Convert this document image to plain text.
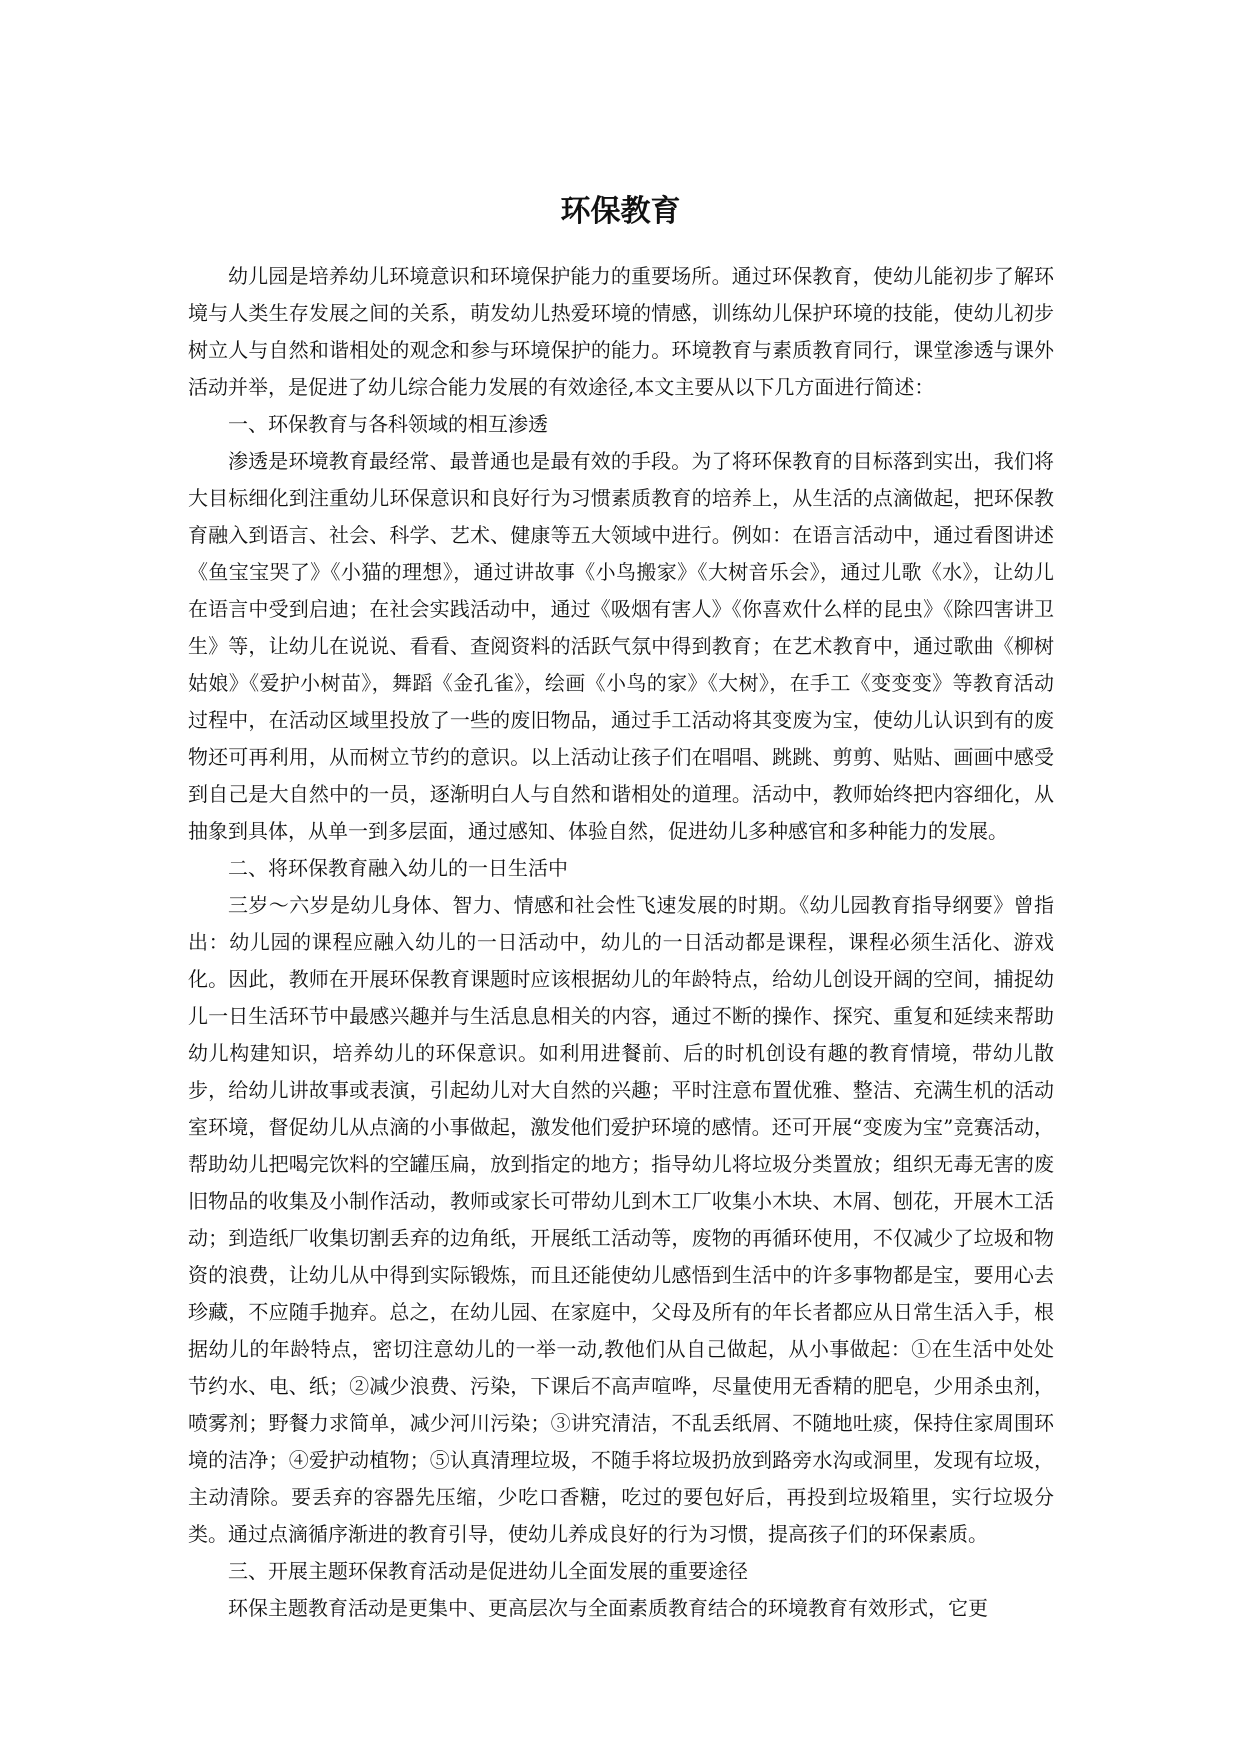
环保教育

幼儿园是培养幼儿环境意识和环境保护能力的重要场所。通过环保教育，使幼儿能初步了解环境与人类生存发展之间的关系，萌发幼儿热爱环境的情感，训练幼儿保护环境的技能，使幼儿初步树立人与自然和谐相处的观念和参与环境保护的能力。环境教育与素质教育同行，课堂渗透与课外活动并举，是促进了幼儿综合能力发展的有效途径,本文主要从以下几方面进行简述：

一、环保教育与各科领域的相互渗透

渗透是环境教育最经常、最普通也是最有效的手段。为了将环保教育的目标落到实出，我们将大目标细化到注重幼儿环保意识和良好行为习惯素质教育的培养上，从生活的点滴做起，把环保教育融入到语言、社会、科学、艺术、健康等五大领域中进行。例如：在语言活动中，通过看图讲述《鱼宝宝哭了》《小猫的理想》，通过讲故事《小鸟搬家》《大树音乐会》，通过儿歌《水》，让幼儿在语言中受到启迪；在社会实践活动中，通过《吸烟有害人》《你喜欢什么样的昆虫》《除四害讲卫生》等，让幼儿在说说、看看、查阅资料的活跃气氛中得到教育；在艺术教育中，通过歌曲《柳树姑娘》《爱护小树苗》，舞蹈《金孔雀》，绘画《小鸟的家》《大树》，在手工《变变变》等教育活动过程中，在活动区域里投放了一些的废旧物品，通过手工活动将其变废为宝，使幼儿认识到有的废物还可再利用，从而树立节约的意识。以上活动让孩子们在唱唱、跳跳、剪剪、贴贴、画画中感受到自己是大自然中的一员，逐渐明白人与自然和谐相处的道理。活动中，教师始终把内容细化，从抽象到具体，从单一到多层面，通过感知、体验自然，促进幼儿多种感官和多种能力的发展。

二、将环保教育融入幼儿的一日生活中

三岁～六岁是幼儿身体、智力、情感和社会性飞速发展的时期。《幼儿园教育指导纲要》曾指出：幼儿园的课程应融入幼儿的一日活动中，幼儿的一日活动都是课程，课程必须生活化、游戏化。因此，教师在开展环保教育课题时应该根据幼儿的年龄特点，给幼儿创设开阔的空间，捕捉幼儿一日生活环节中最感兴趣并与生活息息相关的内容，通过不断的操作、探究、重复和延续来帮助幼儿构建知识，培养幼儿的环保意识。如利用进餐前、后的时机创设有趣的教育情境，带幼儿散步，给幼儿讲故事或表演，引起幼儿对大自然的兴趣；平时注意布置优雅、整洁、充满生机的活动室环境，督促幼儿从点滴的小事做起，激发他们爱护环境的感情。还可开展“变废为宝”竞赛活动，帮助幼儿把喝完饮料的空罐压扁，放到指定的地方；指导幼儿将垃圾分类置放；组织无毒无害的废旧物品的收集及小制作活动，教师或家长可带幼儿到木工厂收集小木块、木屑、刨花，开展木工活动；到造纸厂收集切割丢弃的边角纸，开展纸工活动等，废物的再循环使用，不仅减少了垃圾和物资的浪费，让幼儿从中得到实际锻炼，而且还能使幼儿感悟到生活中的许多事物都是宝，要用心去珍藏，不应随手抛弃。总之，在幼儿园、在家庭中，父母及所有的年长者都应从日常生活入手，根据幼儿的年龄特点，密切注意幼儿的一举一动,教他们从自己做起，从小事做起：①在生活中处处节约水、电、纸；②减少浪费、污染，下课后不高声喧哗，尽量使用无香精的肥皂，少用杀虫剂，喷雾剂；野餐力求简单，减少河川污染；③讲究清洁，不乱丢纸屑、不随地吐痰，保持住家周围环境的洁净；④爱护动植物；⑤认真清理垃圾，不随手将垃圾扔放到路旁水沟或洞里，发现有垃圾，主动清除。要丢弃的容器先压缩，少吃口香糖，吃过的要包好后，再投到垃圾箱里，实行垃圾分类。通过点滴循序渐进的教育引导，使幼儿养成良好的行为习惯，提高孩子们的环保素质。

三、开展主题环保教育活动是促进幼儿全面发展的重要途径

环保主题教育活动是更集中、更高层次与全面素质教育结合的环境教育有效形式，它更
